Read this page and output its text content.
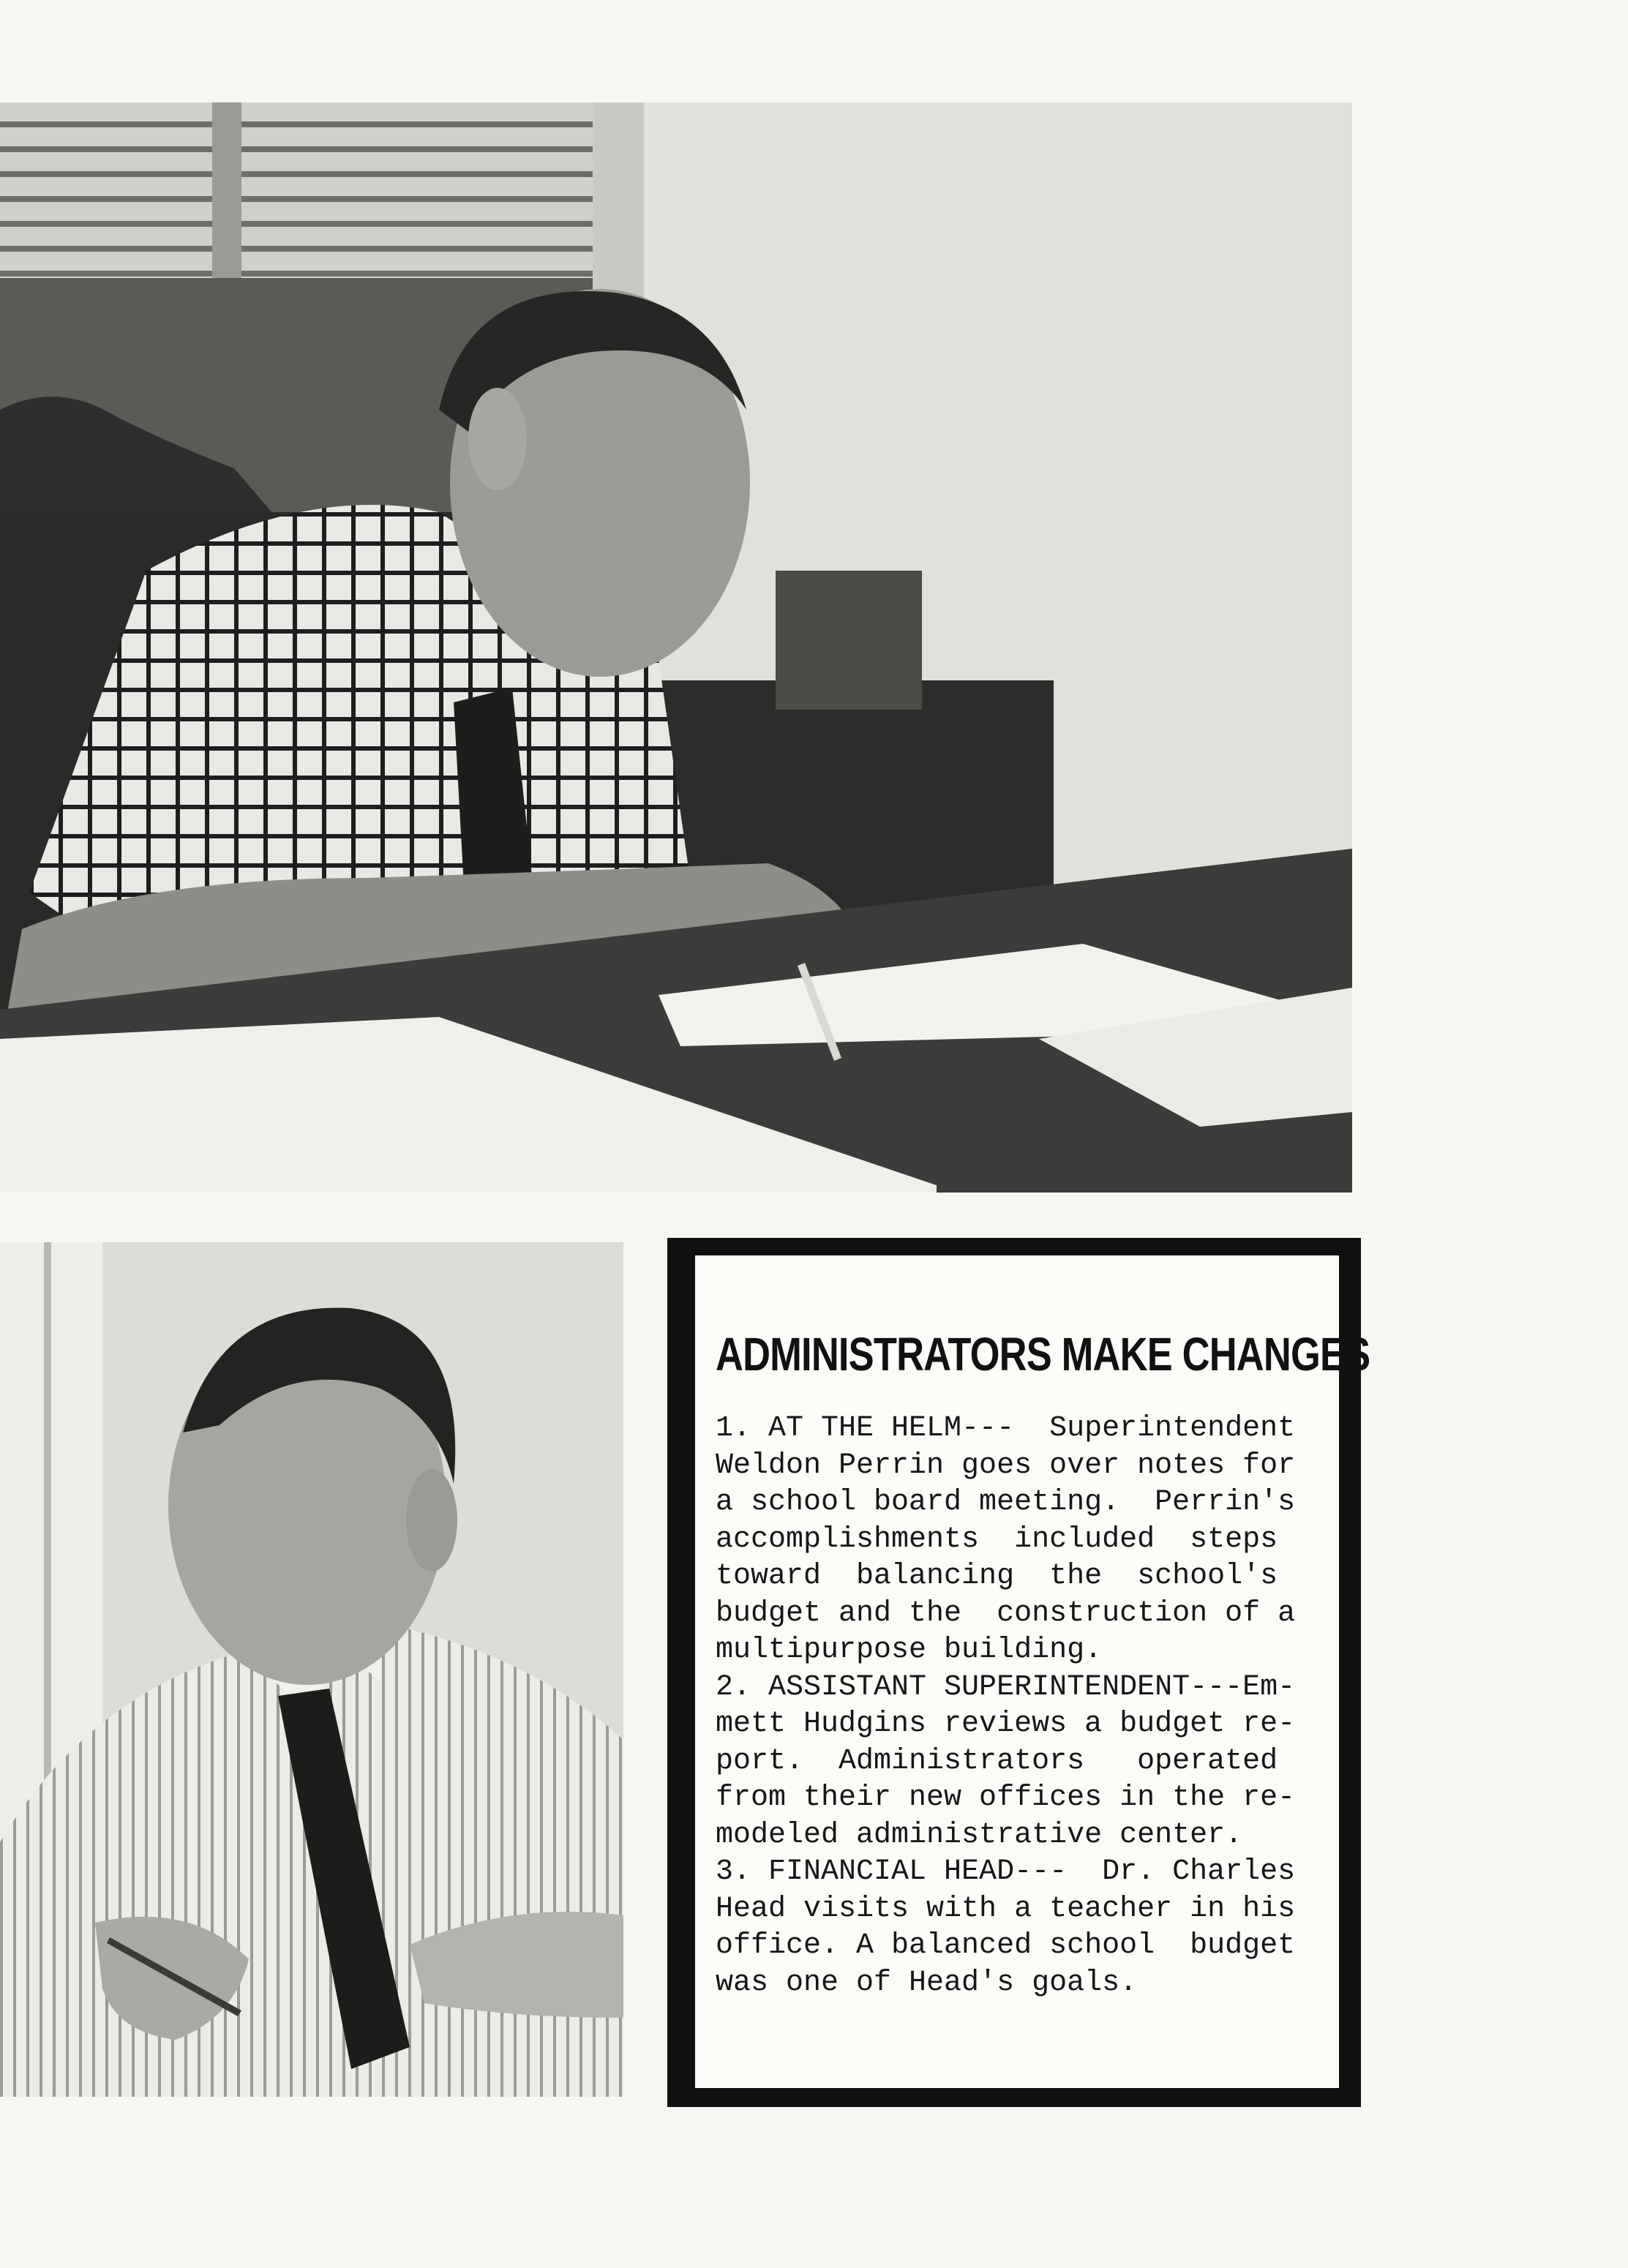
ADMINISTRATORS MAKE CHANGES

1. AT THE HELM---  Superintendent

Weldon Perrin goes over notes for

a school board meeting.  Perrin's

accomplishments  included  steps

toward  balancing  the  school's

budget and the  construction of a

multipurpose building.

2. ASSISTANT SUPERINTENDENT---Em-

mett Hudgins reviews a budget re-

port.  Administrators   operated

from their new offices in the re-

modeled administrative center.

3. FINANCIAL HEAD---  Dr. Charles

Head visits with a teacher in his

office. A balanced school  budget

was one of Head's goals.
